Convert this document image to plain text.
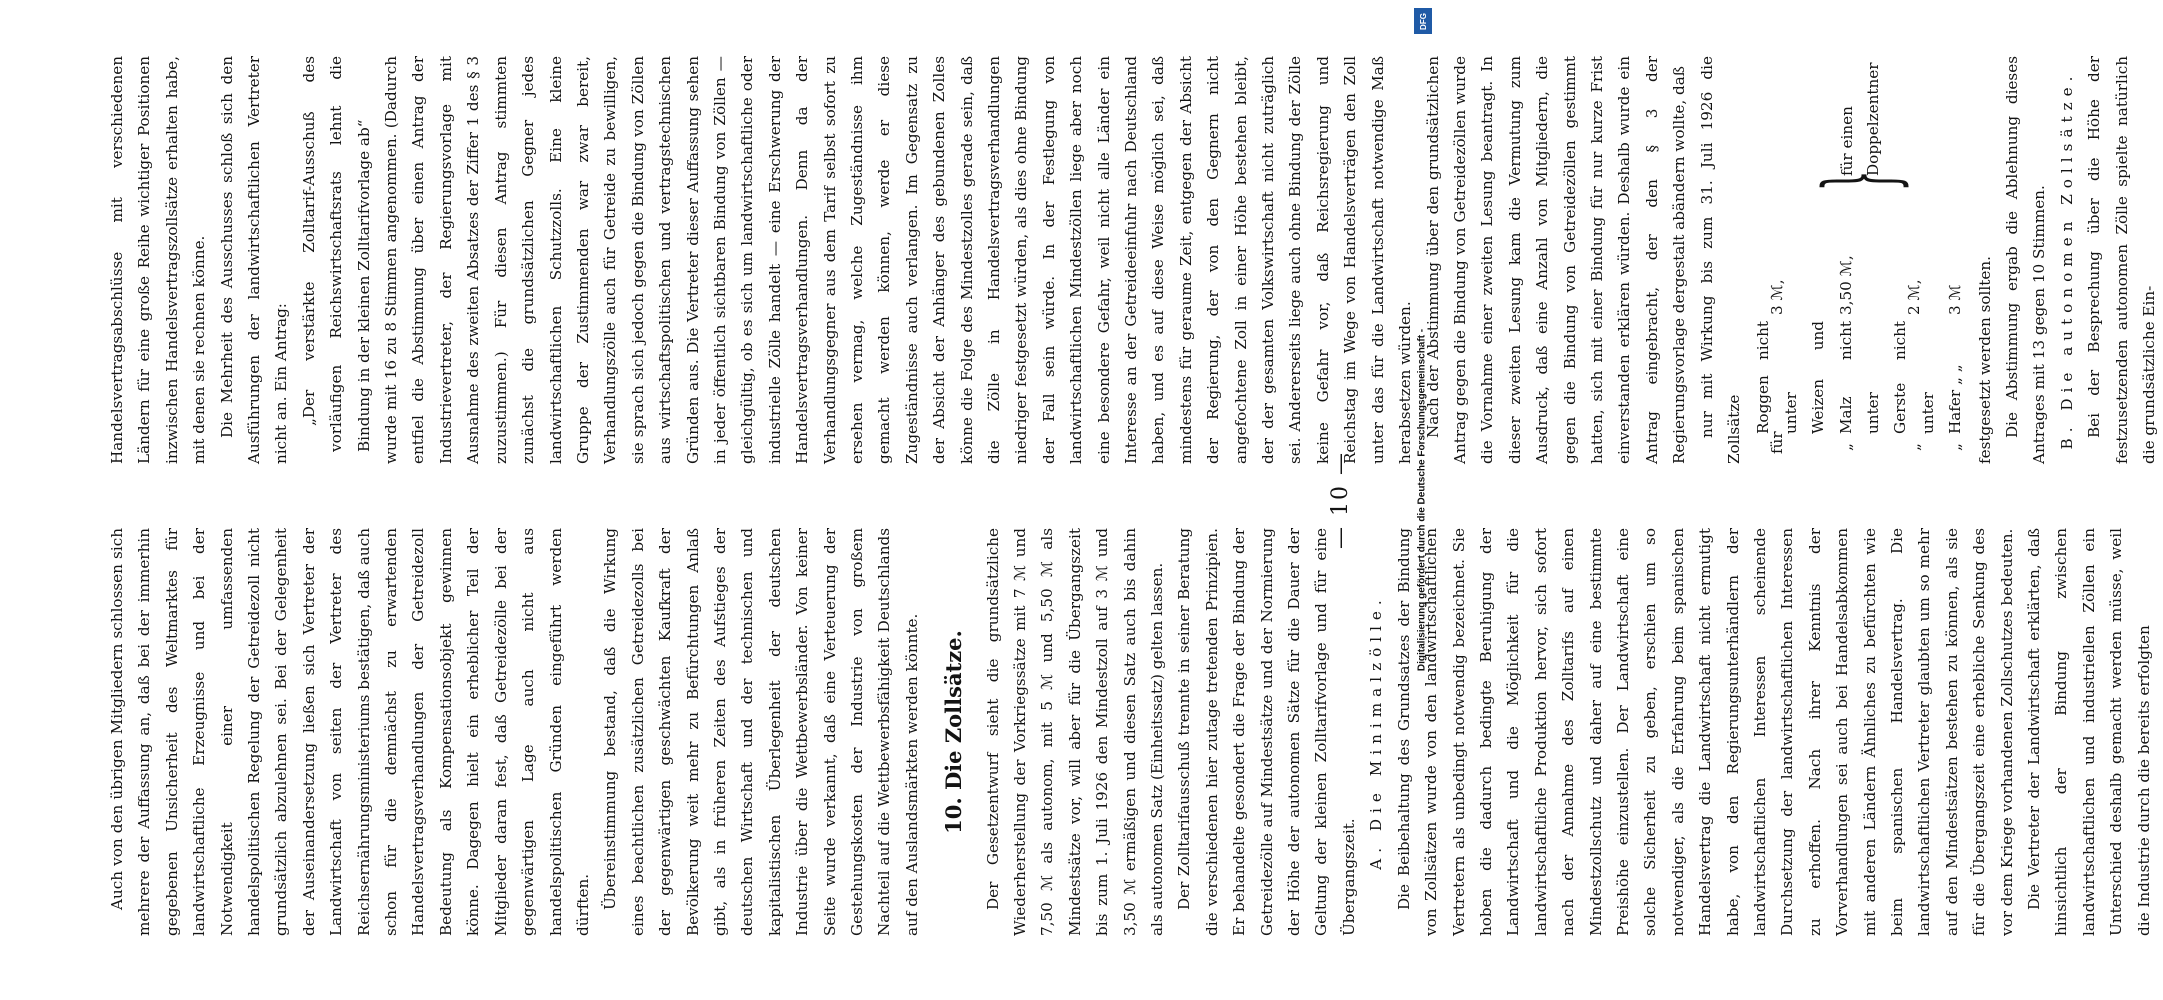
Auch von den übrigen Mitgliedern schlossen sich mehrere der Auffassung an, daß bei der immerhin gegebenen Unsicherheit des Weltmarktes für landwirtschaftliche Erzeugnisse und bei der Notwendigkeit einer umfassenden handelspolitischen Regelung der Getreidezoll nicht grundsätzlich abzulehnen sei. Bei der Gelegenheit der Auseinandersetzung ließen sich Vertreter der Landwirtschaft von seiten der Vertreter des Reichsernährungsministeriums bestätigen, daß auch schon für die demnächst zu erwartenden Handelsvertragsverhandlungen der Getreidezoll Bedeutung als Kompensationsobjekt gewinnen könne. Dagegen hielt ein erheblicher Teil der Mitglieder daran fest, daß Getreidezölle bei der gegenwärtigen Lage auch nicht aus handelspolitischen Gründen eingeführt werden dürften. Übereinstimmung bestand, daß die Wirkung eines beachtlichen zusätzlichen Getreidezolls bei der gegenwärtigen geschwächten Kaufkraft der Bevölkerung weit mehr zu Befürchtungen Anlaß gibt, als in früheren Zeiten des Aufstieges der deutschen Wirtschaft und der technischen und kapitalistischen Überlegenheit der deutschen Industrie über die Wettbewerbsländer. Von keiner Seite wurde verkannt, daß eine Verteuerung der Gestehungskosten der Industrie von großem Nachteil auf die Wettbewerbsfähigkeit Deutschlands auf den Auslandsmärkten werden könnte. 10. Die Zollsätze. Der Gesetzentwurf sieht die grundsätzliche Wiederherstellung der Vorkriegssätze mit 7 ℳ und 7,50 ℳ als autonom, mit 5 ℳ und 5,50 ℳ als Mindestsätze vor, will aber für die Übergangszeit bis zum 1. Juli 1926 den Mindestzoll auf 3 ℳ und 3,50 ℳ ermäßigen und diesen Satz auch bis dahin als autonomen Satz (Einheitssatz) gelten lassen. Der Zolltarifausschuß trennte in seiner Beratung die verschiedenen hier zutage tretenden Prinzipien. Er behandelte gesondert die Frage der Bindung der Getreidezölle auf Mindestsätze und der Normierung der Höhe der autonomen Sätze für die Dauer der Geltung der kleinen Zolltarifvorlage und für eine Übergangszeit.

A. Die Minimalzölle. Die Beibehaltung des Grundsatzes der Bindung von Zollsätzen wurde von den landwirtschaftlichen Vertretern als unbedingt notwendig bezeichnet. Sie hoben die dadurch bedingte Beruhigung der Landwirtschaft und die Möglichkeit für die landwirtschaftliche Produktion hervor, sich sofort nach der Annahme des Zolltarifs auf einen Mindestzollschutz und daher auf eine bestimmte Preishöhe einzustellen. Der Landwirtschaft eine solche Sicherheit zu geben, erschien um so notwendiger, als die Erfahrung beim spanischen Handelsvertrag die Landwirtschaft nicht ermutigt habe, von den Regierungsunterhändlern der landwirtschaftlichen Interessen scheinende Durchsetzung der landwirtschaftlichen Interessen zu erhoffen. Nach ihrer Kenntnis der Vorverhandlungen sei auch bei Handelsabkommen mit anderen Ländern Ähnliches zu befürchten wie beim spanischen Handelsvertrag. Die landwirtschaftlichen Vertreter glaubten um so mehr auf den Mindestsätzen bestehen zu können, als sie für die Übergangszeit eine erhebliche Senkung des vor dem Kriege vorhandenen Zollschutzes bedeuten. Die Vertreter der Landwirtschaft erklärten, daß hinsichtlich der Bindung zwischen landwirtschaftlichen und industriellen Zöllen ein Unterschied deshalb gemacht werden müsse, weil die Industrie durch die bereits erfolgten

Handelsvertragsabschlüsse mit verschiedenen Ländern für eine große Reihe wichtiger Positionen inzwischen Handelsvertragszollsätze erhalten habe, mit denen sie rechnen könne. Die Mehrheit des Ausschusses schloß sich den Ausführungen der landwirtschaftlichen Vertreter nicht an. Ein Antrag: „Der verstärkte Zolltarif-Ausschuß des vorläufigen Reichswirtschaftsrats lehnt die Bindung in der kleinen Zolltarifvorlage ab“ wurde mit 16 zu 8 Stimmen angenommen. (Dadurch entfiel die Abstimmung über einen Antrag der Industrievertreter, der Regierungsvorlage mit Ausnahme des zweiten Absatzes der Ziffer 1 des § 3 zuzustimmen.) Für diesen Antrag stimmten zunächst die grundsätzlichen Gegner jedes landwirtschaftlichen Schutzzolls. Eine kleine Gruppe der Zustimmenden war zwar bereit, Verhandlungszölle auch für Getreide zu bewilligen, sie sprach sich jedoch gegen die Bindung von Zöllen aus wirtschaftspolitischen und vertragstechnischen Gründen aus. Die Vertreter dieser Auffassung sehen in jeder öffentlich sichtbaren Bindung von Zöllen — gleichgültig, ob es sich um landwirtschaftliche oder industrielle Zölle handelt — eine Erschwerung der Handelsvertragsverhandlungen. Denn da der Verhandlungsgegner aus dem Tarif selbst sofort zu ersehen vermag, welche Zugeständnisse ihm gemacht werden können, werde er diese Zugeständnisse auch verlangen. Im Gegensatz zu der Absicht der Anhänger des gebundenen Zolles könne die Folge des Mindestzolles gerade sein, daß die Zölle in Handelsvertragsverhandlungen niedriger festgesetzt würden, als dies ohne Bindung der Fall sein würde. In der Festlegung von landwirtschaftlichen Mindestzöllen liege aber noch eine besondere Gefahr, weil nicht alle Länder ein Interesse an der Getreideeinfuhr nach Deutschland haben, und es auf diese Weise möglich sei, daß mindestens für geraume Zeit, entgegen der Absicht der Regierung, der von den Gegnern nicht angefochtene Zoll in einer Höhe bestehen bleibt, der der gesamten Volkswirtschaft nicht zuträglich sei. Andererseits liege auch ohne Bindung der Zölle keine Gefahr vor, daß Reichsregierung und Reichstag im Wege von Handelsverträgen den Zoll unter das für die Landwirtschaft notwendige Maß herabsetzen würden. Nach der Abstimmung über den grundsätzlichen Antrag gegen die Bindung von Getreidezöllen wurde die Vornahme einer zweiten Lesung beantragt. In dieser zweiten Lesung kam die Vermutung zum Ausdruck, daß eine Anzahl von Mitgliedern, die gegen die Bindung von Getreidezöllen gestimmt hatten, sich mit einer Bindung für nur kurze Frist einverstanden erklären würden. Deshalb wurde ein Antrag eingebracht, der den § 3 der Regierungsvorlage dergestalt abändern wollte, daß nur mit Wirkung bis zum 31. Juli 1926 die Zollsätze	für
Roggen nicht unter
3 ℳ,
„
Weizen und Malz nicht unter
3,50 ℳ,
„
Gerste nicht unter
2 ℳ,
„
Hafer „ „
3 ℳ
}
für einen Doppelzentner

festgesetzt werden sollten. Die Abstimmung ergab die Ablehnung dieses Antrages mit 13 gegen 10 Stimmen. B. Die autonomen Zollsätze. Bei der Besprechung über die Höhe der festzusetzenden autonomen Zölle spielte natürlich die grundsätzliche Ein-

— 10 —	Digitalisierung gefördert durch die Deutsche Forschungsgemeinschaft -
DFG
